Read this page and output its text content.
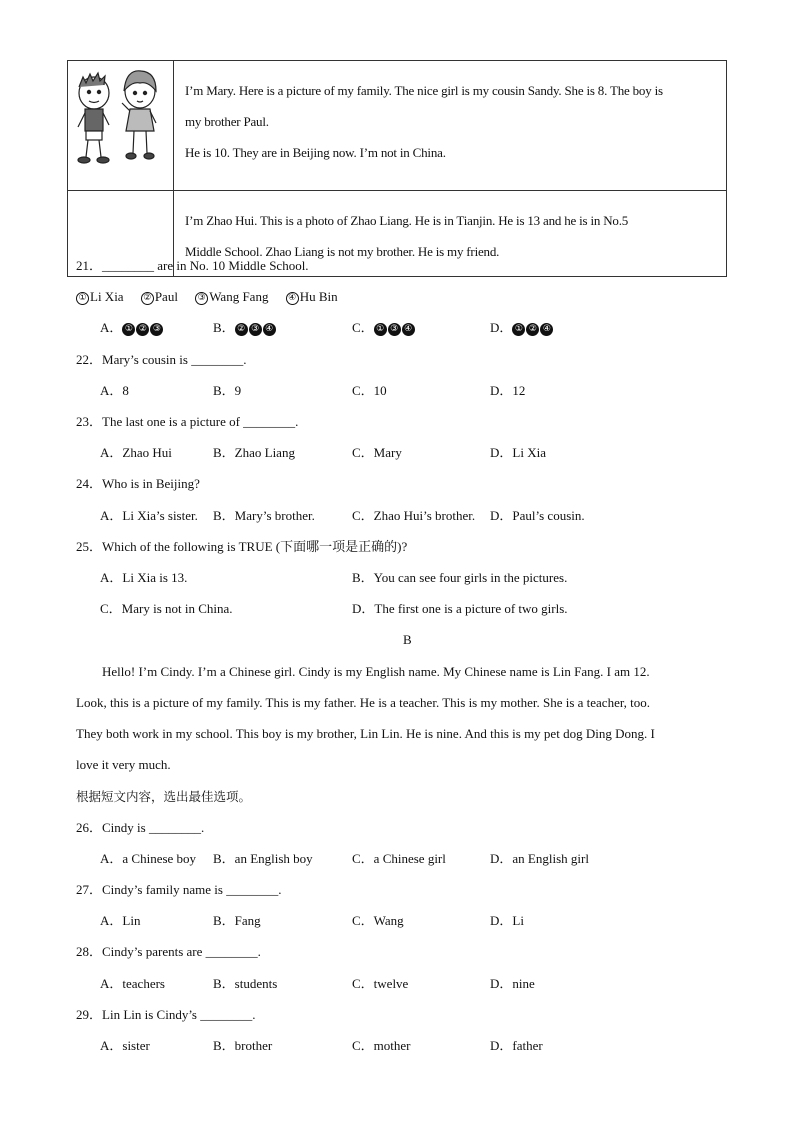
I’m Mary. Here is a picture of my family. The nice girl is my cousin Sandy. She is 8. The boy is

my brother Paul.

He is 10. They are in Beijing now. I’m not in China.

	I’m Zhao Hui. This is a photo of Zhao Liang. He is in Tianjin. He is 13 and he is in No.5

Middle School. Zhao Liang is not my brother. He is my friend.

21．________ are in No. 10 Middle School.
① Li Xia ② Paul ③ Wang Fang ④ Hu Bin
A． ① ② ③	B． ② ③ ④	C． ① ③ ④	D． ① ② ④
22．Mary’s cousin is ________.
A．8	B．9	C．10	D．12
23．The last one is a picture of ________.
A．Zhao Hui	B．Zhao Liang	C．Mary	D．Li Xia
24．Who is in Beijing?
A．Li Xia’s sister. B．Mary’s brother.	C．Zhao Hui’s brother. D．Paul’s cousin.
25．Which of the following is TRUE (下面哪一项是正确的)?
A．Li Xia is 13.	B．You can see four girls in the pictures.
C．Mary is not in China.	D．The first one is a picture of two girls.
B
Hello! I’m Cindy. I’m a Chinese girl. Cindy is my English name. My Chinese name is Lin Fang. I am 12.
Look, this is a picture of my family. This is my father. He is a teacher. This is my mother. She is a teacher, too.
They both work in my school. This boy is my brother, Lin Lin. He is nine. And this is my pet dog Ding Dong. I
love it very much.
根据短文内容，选出最佳选项。
26．Cindy is ________.
A．a Chinese boy B．an English boy	C．a Chinese girl	D．an English girl
27．Cindy’s family name is ________.
A．Lin	B．Fang	C．Wang	D．Li
28．Cindy’s parents are ________.
A．teachers	B．students	C．twelve	D．nine
29．Lin Lin is Cindy’s ________.
A．sister	B．brother	C．mother	D．father
